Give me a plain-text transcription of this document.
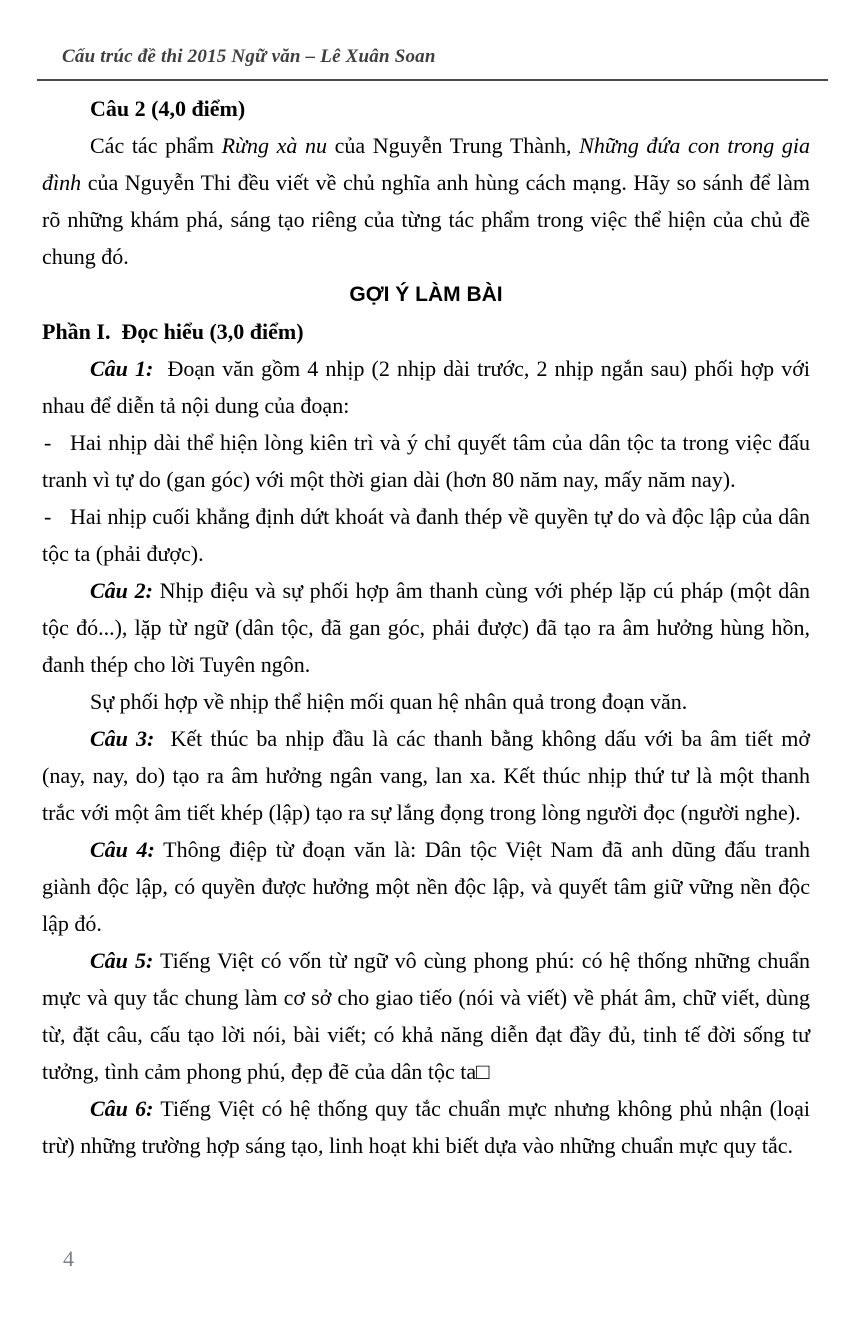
Cấu trúc đề thi 2015 Ngữ văn – Lê Xuân Soan

Câu 2 (4,0 điểm)

Các tác phẩm Rừng xà nu của Nguyễn Trung Thành, Những đứa con trong gia đình của Nguyễn Thi đều viết về chủ nghĩa anh hùng cách mạng. Hãy so sánh để làm rõ những khám phá, sáng tạo riêng của từng tác phẩm trong việc thể hiện của chủ đề chung đó.

GỢI Ý LÀM BÀI

Phần I.  Đọc hiểu (3,0 điểm)

Câu 1:  Đoạn văn gồm 4 nhịp (2 nhịp dài trước, 2 nhịp ngắn sau) phối hợp với nhau để diễn tả nội dung của đoạn:

- Hai nhịp dài thể hiện lòng kiên trì và ý chỉ quyết tâm của dân tộc ta trong việc đấu tranh vì tự do (gan góc) với một thời gian dài (hơn 80 năm nay, mấy năm nay).

- Hai nhịp cuối khẳng định dứt khoát và đanh thép về quyền tự do và độc lập của dân tộc ta (phải được).

Câu 2: Nhịp điệu và sự phối hợp âm thanh cùng với phép lặp cú pháp (một dân tộc đó...), lặp từ ngữ (dân tộc, đã gan góc, phải được) đã tạo ra âm hưởng hùng hồn, đanh thép cho lời Tuyên ngôn.

Sự phối hợp về nhịp thể hiện mối quan hệ nhân quả trong đoạn văn.

Câu 3:  Kết thúc ba nhịp đầu là các thanh bằng không dấu với ba âm tiết mở (nay, nay, do) tạo ra âm hưởng ngân vang, lan xa. Kết thúc nhịp thứ tư là một thanh trắc với một âm tiết khép (lập) tạo ra sự lắng đọng trong lòng người đọc (người nghe).

Câu 4: Thông điệp từ đoạn văn là: Dân tộc Việt Nam đã anh dũng đấu tranh giành độc lập, có quyền được hưởng một nền độc lập, và quyết tâm giữ vững nền độc lập đó.

Câu 5: Tiếng Việt có vốn từ ngữ vô cùng phong phú: có hệ thống những chuẩn mực và quy tắc chung làm cơ sở cho giao tiếo (nói và viết) về phát âm, chữ viết, dùng từ, đặt câu, cấu tạo lời nói, bài viết; có khả năng diễn đạt đầy đủ, tinh tế đời sống tư tưởng, tình cảm phong phú, đẹp đẽ của dân tộc ta□

Câu 6: Tiếng Việt có hệ thống quy tắc chuẩn mực nhưng không phủ nhận (loại trừ) những trường hợp sáng tạo, linh hoạt khi biết dựa vào những chuẩn mực quy tắc.

4
